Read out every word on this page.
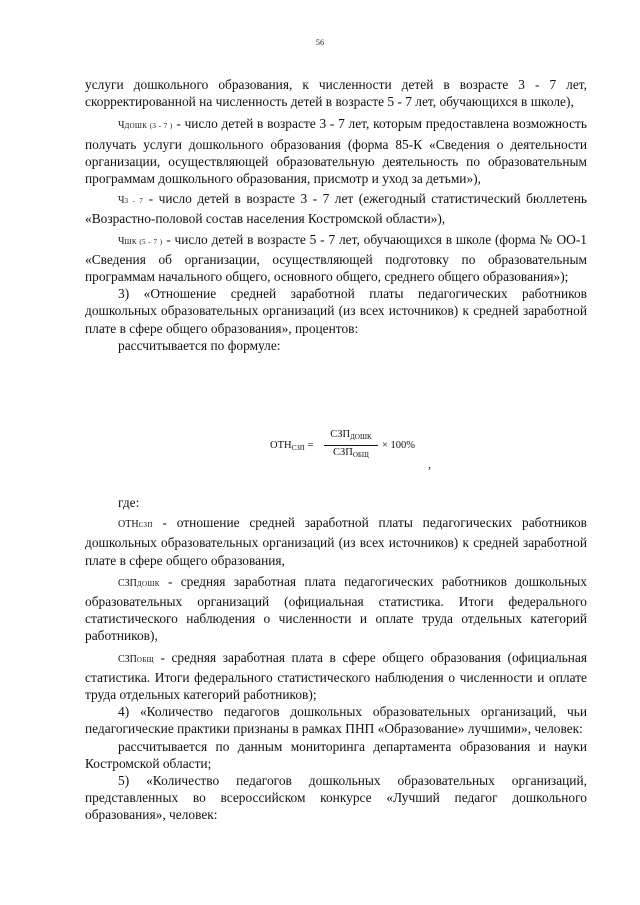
56

услуги дошкольного образования, к численности детей в возрасте 3 - 7 лет, скорректированной на численность детей в возрасте 5 - 7 лет, обучающихся в школе),

ЧДОШК (3 - 7 ) - число детей в возрасте 3 - 7 лет, которым предоставлена возможность получать услуги дошкольного образования (форма 85-К «Сведения о деятельности организации, осуществляющей образовательную деятельность по образовательным программам дошкольного образования, присмотр и уход за детьми»),

Ч3 - 7 - число детей в возрасте 3 - 7 лет (ежегодный статистический бюллетень «Возрастно-половой состав населения Костромской области»),

ЧШК (5 - 7 ) - число детей в возрасте 5 - 7 лет, обучающихся в школе (форма № ОО-1 «Сведения об организации, осуществляющей подготовку по образовательным программам начального общего, основного общего, среднего общего образования»);

3) «Отношение средней заработной платы педагогических работников дошкольных образовательных организаций (из всех источников) к средней заработной плате в сфере общего образования», процентов:

рассчитывается по формуле:

$ОТН_{СЗП}$ =
$СЗП_{ДОШК}$
$СЗП_{ОБЩ}$
× 100%
,

где:

ОТНСЗП - отношение средней заработной платы педагогических работников дошкольных образовательных организаций (из всех источников) к средней заработной плате в сфере общего образования,

СЗПДОШК - средняя заработная плата педагогических работников дошкольных образовательных организаций (официальная статистика. Итоги федерального статистического наблюдения о численности и оплате труда отдельных категорий работников),

СЗПОБЩ - средняя заработная плата в сфере общего образования (официальная статистика. Итоги федерального статистического наблюдения о численности и оплате труда отдельных категорий работников);

4) «Количество педагогов дошкольных образовательных организаций, чьи педагогические практики признаны в рамках ПНП «Образование» лучшими», человек:

рассчитывается по данным мониторинга департамента образования и науки Костромской области;

5) «Количество педагогов дошкольных образовательных организаций, представленных во всероссийском конкурсе «Лучший педагог дошкольного образования», человек:
